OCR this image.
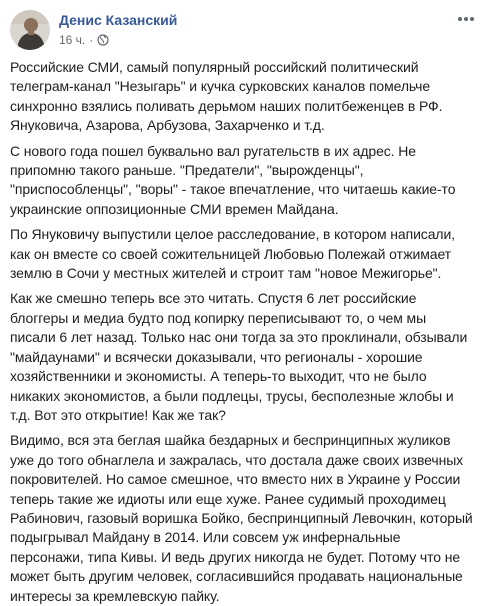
Денис Казанский
16 ч. ·

Российские СМИ, самый популярный российский политический телеграм-канал "Незыгарь" и кучка сурковских каналов помельче синхронно взялись поливать дерьмом наших политбеженцев в РФ. Януковича, Азарова, Арбузова, Захарченко и т.д.

С нового года пошел буквально вал ругательств в их адрес. Не припомню такого раньше. "Предатели", "вырожденцы", "приспособленцы", "воры" - такое впечатление, что читаешь какие-то украинские оппозиционные СМИ времен Майдана.

По Януковичу выпустили целое расследование, в котором написали, как он вместе со своей сожительницей Любовью Полежай отжимает землю в Сочи у местных жителей и строит там "новое Межигорье".

Как же смешно теперь все это читать. Спустя 6 лет российские блоггеры и медиа будто под копирку переписывают то, о чем мы писали 6 лет назад. Только нас они тогда за это проклинали, обзывали "майдаунами" и всячески доказывали, что регионалы - хорошие хозяйственники и экономисты. А теперь-то выходит, что не было никаких экономистов, а были подлецы, трусы, бесполезные жлобы и т.д. Вот это открытие! Как же так?

Видимо, вся эта беглая шайка бездарных и беспринципных жуликов уже до того обнаглела и зажралась, что достала даже своих извечных покровителей. Но самое смешное, что вместо них в Украине у России теперь такие же идиоты или еще хуже. Ранее судимый проходимец Рабинович, газовый воришка Бойко, беспринципный Левочкин, который подыгрывал Майдану в 2014. Или совсем уж инфернальные персонажи, типа Кивы. И ведь других никогда не будет. Потому что не может быть другим человек, согласившийся продавать национальные интересы за кремлевскую пайку.
